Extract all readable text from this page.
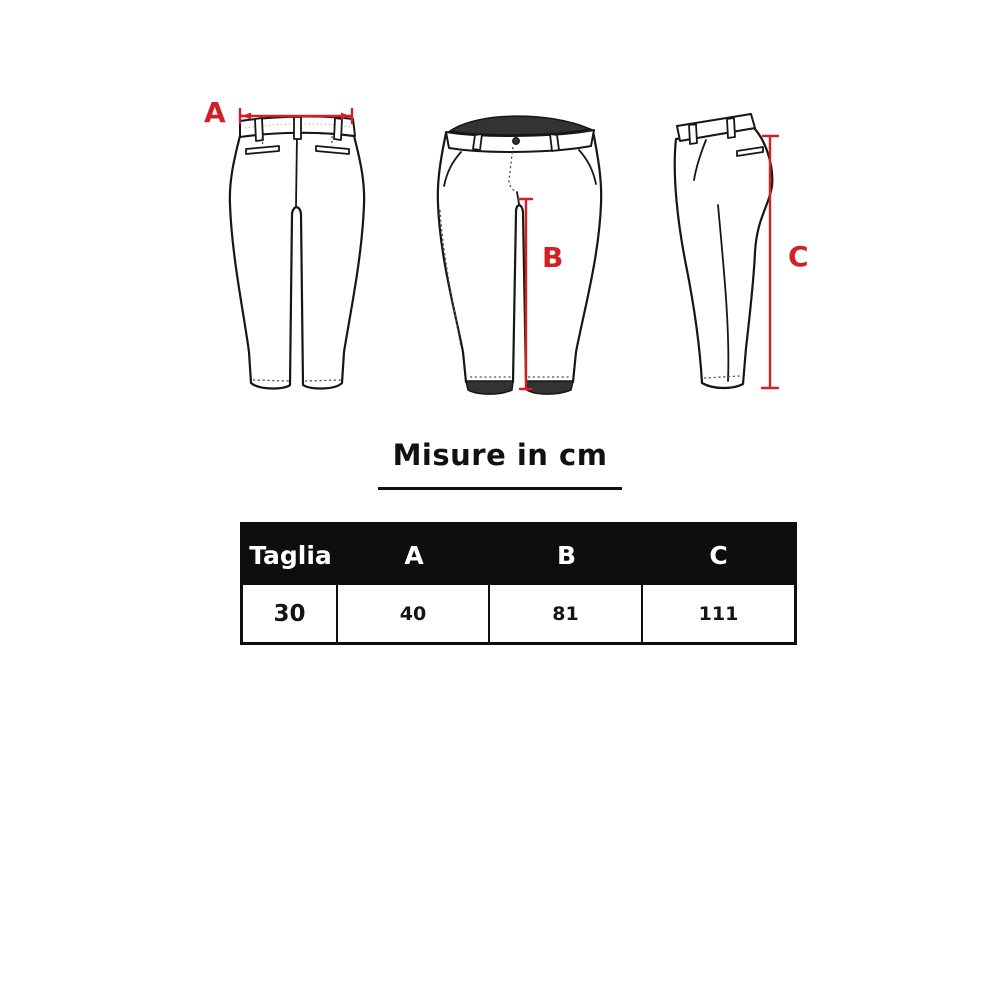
A
B	C
Misure in cm
Taglia	A	B	C
30	40	81	111
